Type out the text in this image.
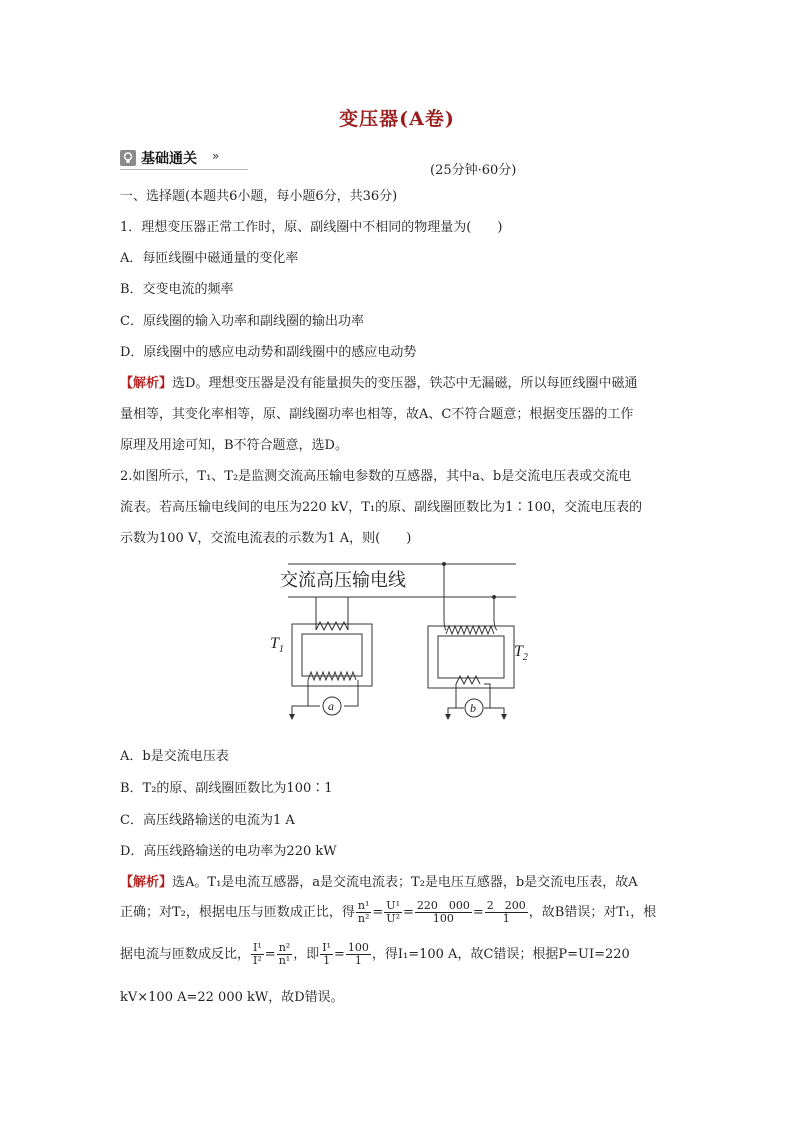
变压器(A卷)
基础通关 »
(25分钟·60分)
一、选择题(本题共6小题，每小题6分，共36分)
1．理想变压器正常工作时，原、副线圈中不相同的物理量为(　　)
A．每匝线圈中磁通量的变化率
B．交变电流的频率
C．原线圈的输入功率和副线圈的输出功率
D．原线圈中的感应电动势和副线圈中的感应电动势
【解析】选D。理想变压器是没有能量损失的变压器，铁芯中无漏磁，所以每匝线圈中磁通
量相等，其变化率相等，原、副线圈功率也相等，故A、C不符合题意；根据变压器的工作
原理及用途可知，B不符合题意，选D。
2.如图所示，T₁、T₂是监测交流高压输电参数的互感器，其中a、b是交流电压表或交流电
流表。若高压输电线间的电压为220 kV，T₁的原、副线圈匝数比为1∶100，交流电压表的
示数为100 V，交流电流表的示数为1 A，则(　　)
交流高压输电线
a
$T_1$
b
$T_2$
A．b是交流电压表
B．T₂的原、副线圈匝数比为100∶1
C．高压线路输送的电流为1 A
D．高压线路输送的电功率为220 kW
【解析】选A。T₁是电流互感器，a是交流电流表；T₂是电压互感器，b是交流电压表，故A
正确；对T₂，根据电压与匝数成正比，得 $\frac{\text{n¹}}{\text{n²}} = \frac{\text{U¹}}{\text{U²}} = \frac{220 000}{100} = \frac{2 200}{1}$ ，故B错误；对T₁，根
据电流与匝数成反比， $\frac{\text{I¹}}{\text{I²}} = \frac{\text{n²}}{\text{n¹}}$ ，即 $\frac{\text{I¹}}{1} = \frac{100}{1}$ ，得I₁=100 A，故C错误；根据P=UI=220
kV×100 A=22 000 kW，故D错误。
